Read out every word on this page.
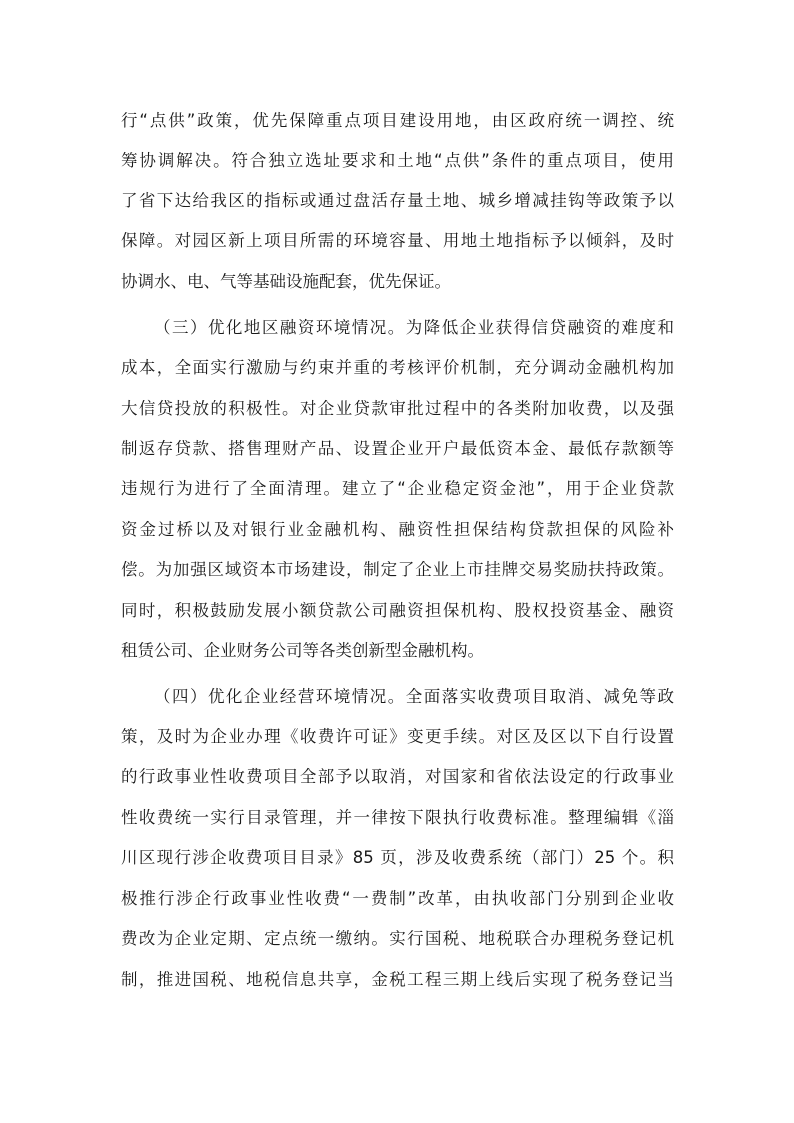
行“点供”政策，优先保障重点项目建设用地，由区政府统一调控、统
筹协调解决。符合独立选址要求和土地“点供”条件的重点项目，使用
了省下达给我区的指标或通过盘活存量土地、城乡增减挂钩等政策予以
保障。对园区新上项目所需的环境容量、用地土地指标予以倾斜，及时
协调水、电、气等基础设施配套，优先保证。
（三）优化地区融资环境情况。为降低企业获得信贷融资的难度和
成本，全面实行激励与约束并重的考核评价机制，充分调动金融机构加
大信贷投放的积极性。对企业贷款审批过程中的各类附加收费，以及强
制返存贷款、搭售理财产品、设置企业开户最低资本金、最低存款额等
违规行为进行了全面清理。建立了“企业稳定资金池”，用于企业贷款
资金过桥以及对银行业金融机构、融资性担保结构贷款担保的风险补
偿。为加强区域资本市场建设，制定了企业上市挂牌交易奖励扶持政策。
同时，积极鼓励发展小额贷款公司融资担保机构、股权投资基金、融资
租赁公司、企业财务公司等各类创新型金融机构。
（四）优化企业经营环境情况。全面落实收费项目取消、减免等政
策，及时为企业办理《收费许可证》变更手续。对区及区以下自行设置
的行政事业性收费项目全部予以取消，对国家和省依法设定的行政事业
性收费统一实行目录管理，并一律按下限执行收费标准。整理编辑《淄
川区现行涉企收费项目目录》85 页，涉及收费系统（部门）25 个。积
极推行涉企行政事业性收费“一费制”改革，由执收部门分别到企业收
费改为企业定期、定点统一缴纳。实行国税、地税联合办理税务登记机
制，推进国税、地税信息共享，金税工程三期上线后实现了税务登记当
